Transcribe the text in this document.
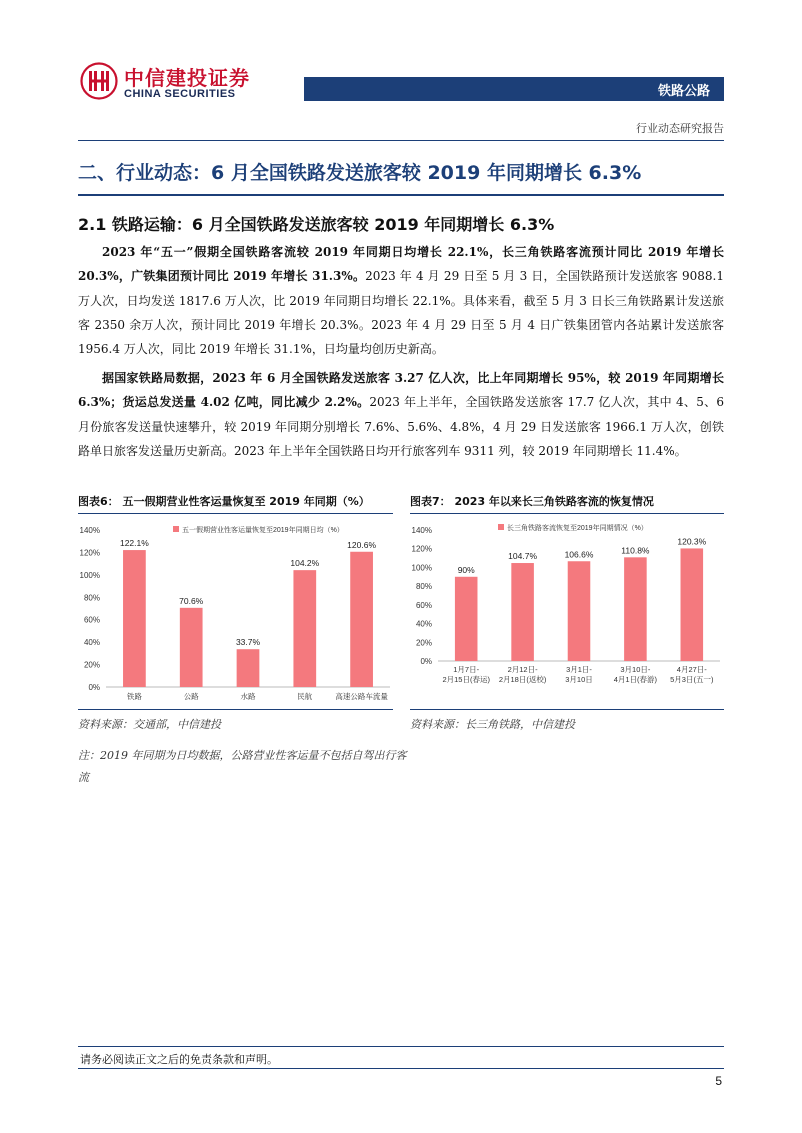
中信建投证券
CHINA SECURITIES	铁路公路
行业动态研究报告
二、行业动态：6 月全国铁路发送旅客较 2019 年同期增长 6.3%
2.1 铁路运输：6 月全国铁路发送旅客较 2019 年同期增长 6.3%
2023 年“五一”假期全国铁路客流较 2019 年同期日均增长 22.1%，长三角铁路客流预计同比 2019 年增长 20.3%，广铁集团预计同比 2019 年增长 31.3%。2023 年 4 月 29 日至 5 月 3 日，全国铁路预计发送旅客 9088.1 万人次，日均发送 1817.6 万人次，比 2019 年同期日均增长 22.1%。具体来看，截至 5 月 3 日长三角铁路累计发送旅客 2350 余万人次，预计同比 2019 年增长 20.3%。2023 年 4 月 29 日至 5 月 4 日广铁集团管内各站累计发送旅客 1956.4 万人次，同比 2019 年增长 31.1%，日均量均创历史新高。
据国家铁路局数据，2023 年 6 月全国铁路发送旅客 3.27 亿人次，比上年同期增长 95%，较 2019 年同期增长 6.3%；货运总发送量 4.02 亿吨，同比减少 2.2%。2023 年上半年，全国铁路发送旅客 17.7 亿人次，其中 4、5、6 月份旅客发送量快速攀升，较 2019 年同期分别增长 7.6%、5.6%、4.8%，4 月 29 日发送旅客 1966.1 万人次，创铁路单日旅客发送量历史新高。2023 年上半年全国铁路日均开行旅客列车 9311 列，较 2019 年同期增长 11.4%。
图表6： 五一假期营业性客运量恢复至 2019 年同期（%）
0%
20%
40%
60%
80%
100%
120%
140%	五一假期营业性客运量恢复至2019年同期日均（%）
122.1%
铁路
70.6%
公路
33.7%
水路
104.2%
民航
120.6%
高速公路车流量
资料来源：交通部，中信建投
注：2019 年同期为日均数据，公路营业性客运量不包括自驾出行客流
图表7： 2023 年以来长三角铁路客流的恢复情况
0%
20%
40%
60%
80%
100%
120%
140%	长三角铁路客流恢复至2019年同期情况（%）
90%
1月7日-
2月15日(春运)
104.7%
2月12日-
2月18日(返校)
106.6%
3月1日-
3月10日
110.8%
3月10日-
4月1日(春游)
120.3%
4月27日-
5月3日(五一)
资料来源：长三角铁路，中信建投
请务必阅读正文之后的免责条款和声明。
5
